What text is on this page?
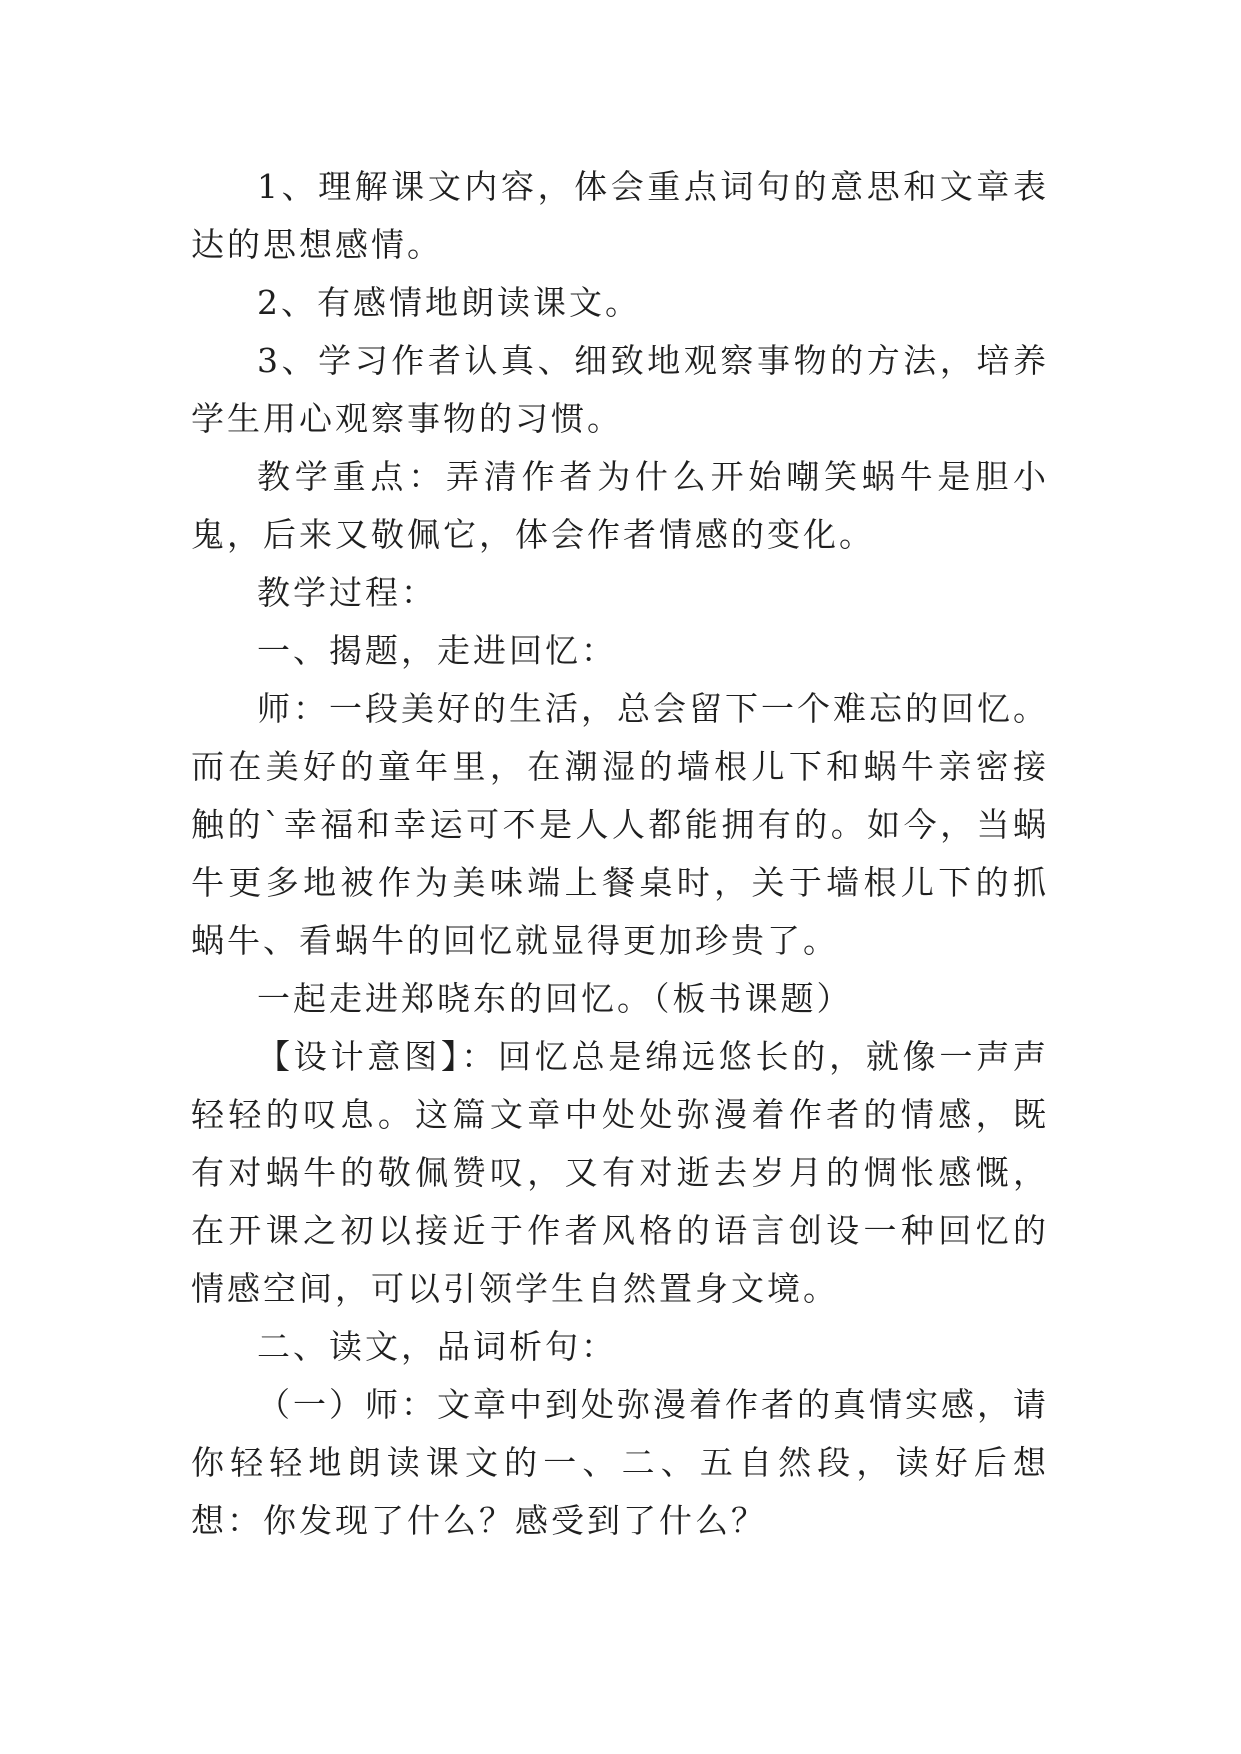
1、理解课文内容，体会重点词句的意思和文章表达的思想感情。

2、有感情地朗读课文。

3、学习作者认真、细致地观察事物的方法，培养学生用心观察事物的习惯。

教学重点：弄清作者为什么开始嘲笑蜗牛是胆小鬼，后来又敬佩它，体会作者情感的变化。

教学过程：

一、揭题，走进回忆：

师：一段美好的生活，总会留下一个难忘的回忆。而在美好的童年里，在潮湿的墙根儿下和蜗牛亲密接触的`幸福和幸运可不是人人都能拥有的。如今，当蜗牛更多地被作为美味端上餐桌时，关于墙根儿下的抓蜗牛、看蜗牛的回忆就显得更加珍贵了。

一起走进郑晓东的回忆。（板书课题）

【设计意图】：回忆总是绵远悠长的，就像一声声轻轻的叹息。这篇文章中处处弥漫着作者的情感，既有对蜗牛的敬佩赞叹，又有对逝去岁月的惆怅感慨，在开课之初以接近于作者风格的语言创设一种回忆的情感空间，可以引领学生自然置身文境。

二、读文，品词析句：

（一）师：文章中到处弥漫着作者的真情实感，请你轻轻地朗读课文的一、二、五自然段，读好后想想：你发现了什么？感受到了什么？
